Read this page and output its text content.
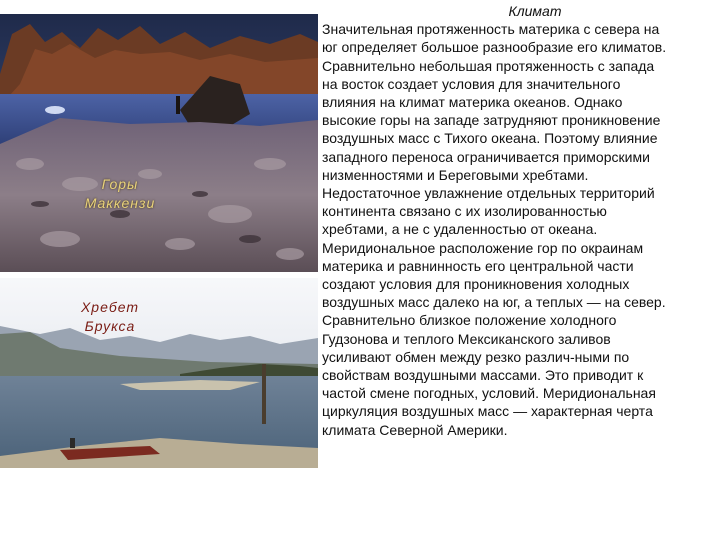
Горы
Маккензи
Хребет
Брукса
Климат

Значительная протяженность материка с севера на
юг определяет большое разнообразие его климатов.
Сравнительно небольшая протяженность с запада
на восток создает условия для значительного
влияния на климат материка океанов. Однако
высокие горы на западе затрудняют проникновение
воздушных масс с Тихого океана. Поэтому влияние
западного переноса ограничивается приморскими
низменностями и Береговыми хребтами.
Недостаточное увлажнение отдельных территорий
континента связано с их изолированностью
хребтами, а не с удаленностью от океана.
Меридиональное расположение гор по окраинам
материка и равнинность его центральной части
создают условия для проникновения холодных
воздушных масс далеко на юг, а теплых — на север.
Сравнительно близкое положение холодного
Гудзонова и теплого Мексиканского заливов
усиливают обмен между резко различ-ными по
свойствам воздушными массами. Это приводит к
частой смене погодных, условий. Меридиональная
циркуляция воздушных масс — характерная черта
климата Северной Америки.
